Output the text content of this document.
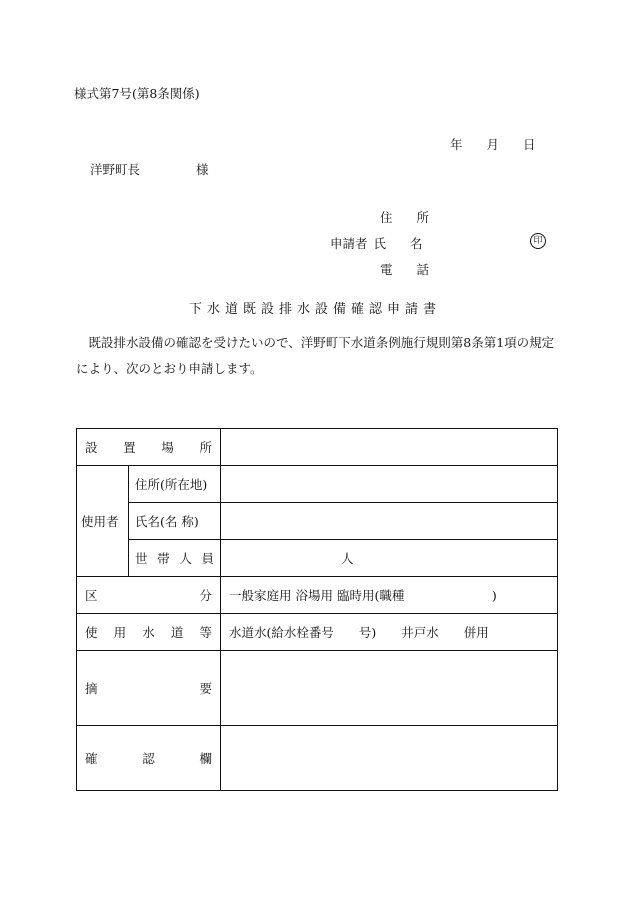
様式第7号(第8条関係)
年 月 日
洋野町長	様
住 所
申請者 氏 名
電 話
印
下水道既設排水設備確認申請書
既設排水設備の確認を受けたいので、洋野町下水道条例施行規則第8条第1項の規定により、次のとおり申請します。
設置場所		

使用者	住所(所在地)	
	氏名(名 称)	

	世帯人員	人

区分		一般家庭用 浴場用 臨時用(職種　　　　　　　)

使用水道等		水道水(給水栓番号　　号)　　井戸水　　併用

摘要		

確認欄		
